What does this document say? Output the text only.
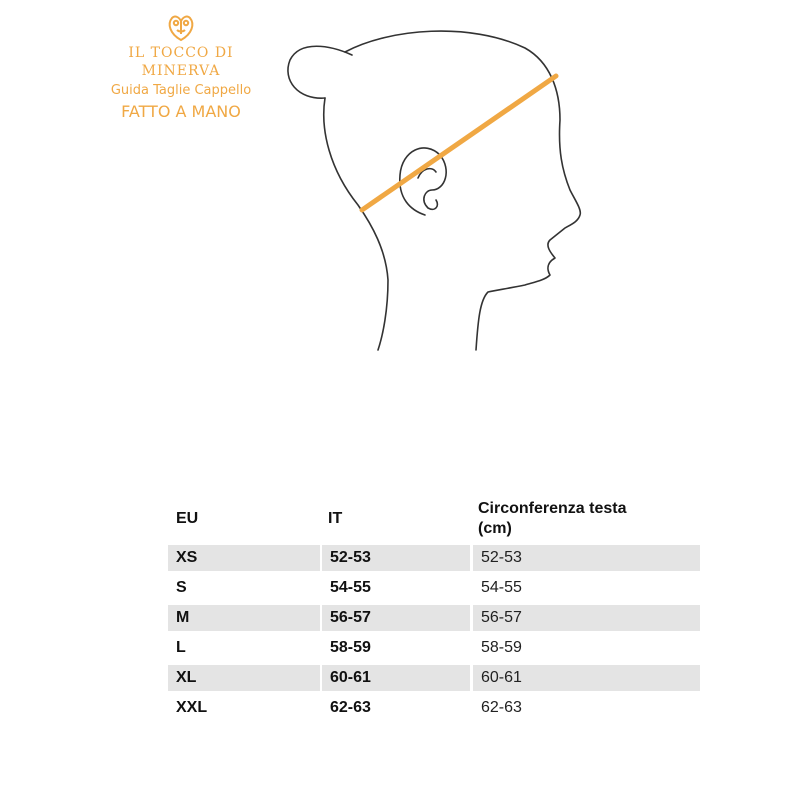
IL TOCCO DI MINERVA
Guida Taglie Cappello
FATTO A MANO
EU	IT	Circonferenza testa
(cm)
XS	52-53	52-53
S	54-55	54-55
M	56-57	56-57
L	58-59	58-59
XL	60-61	60-61
XXL	62-63	62-63
